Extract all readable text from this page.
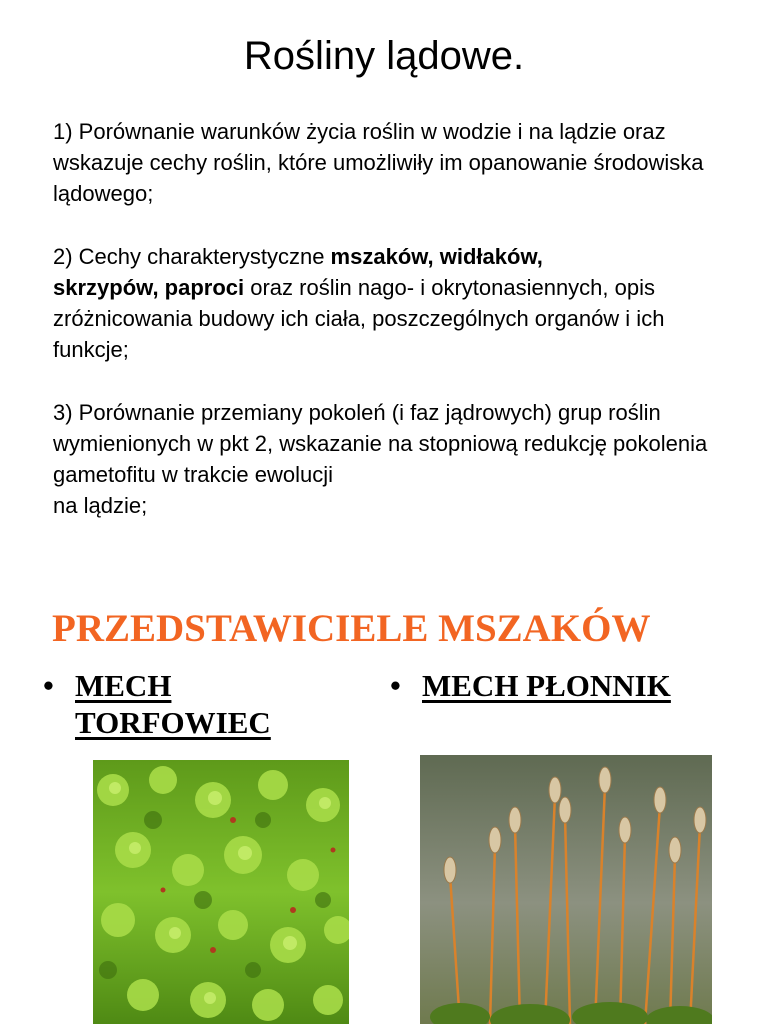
Rośliny lądowe.
1) Porównanie warunków życia roślin w wodzie i na lądzie oraz wskazuje cechy roślin, które umożliwiły im opanowanie środowiska lądowego;
2) Cechy charakterystyczne mszaków, widłaków,
skrzypów, paproci oraz roślin nago- i okrytonasiennych, opis zróżnicowania budowy ich ciała, poszczególnych organów i ich funkcje;
3) Porównanie przemiany pokoleń (i faz jądrowych) grup roślin wymienionych w pkt 2, wskazanie na stopniową redukcję pokolenia gametofitu w trakcie ewolucji
na lądzie;
PRZEDSTAWICIELE MSZAKÓW
• MECH
TORFOWIEC
• MECH PŁONNIK
